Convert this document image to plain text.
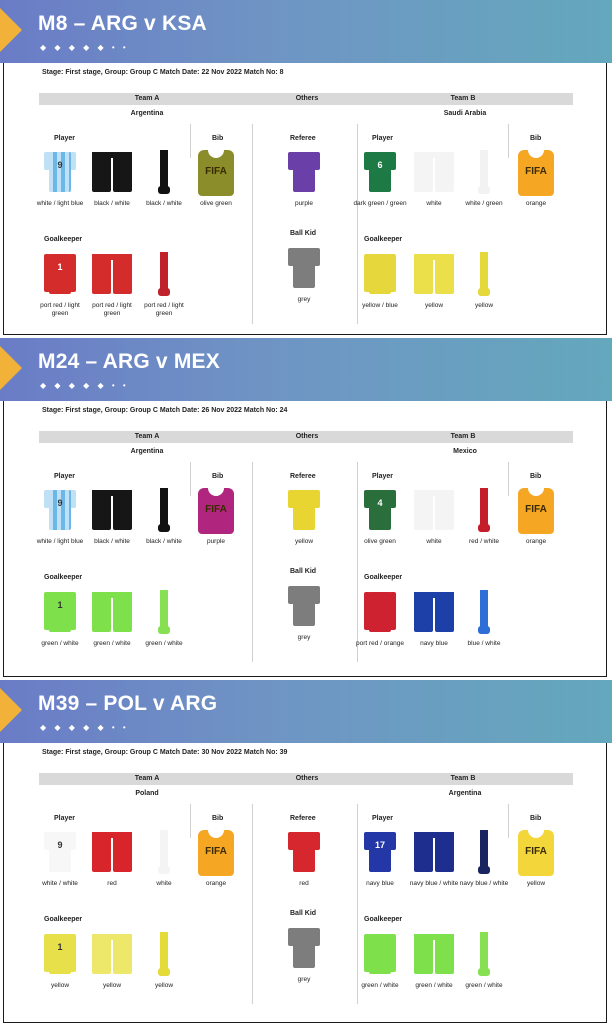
M8 – ARG v KSA
◆ ◆ ◆ ◆ ◆ • •
Stage: First stage, Group: Group C Match Date: 22 Nov 2022 Match No: 8
Team A	Others	Team B
Argentina	Saudi Arabia
Player	Bib
Goalkeeper
Referee
Ball Kid
Player	Bib
Goalkeeper
9
white / light blue	black / white	black / white
FIFA
olive green
1
port red / light green
port red / light green
port red / light green
purple
grey
6
dark green / green	white	white / green
FIFA
orange
yellow / blue	yellow	yellow
M24 – ARG v MEX
◆ ◆ ◆ ◆ ◆ • •
Stage: First stage, Group: Group C Match Date: 26 Nov 2022 Match No: 24
Team A	Others	Team B
Argentina	Mexico
Player	Bib
Goalkeeper
Referee
Ball Kid
Player	Bib
Goalkeeper
9
white / light blue	black / white	black / white
FIFA
purple
1
green / white	green / white	green / white
yellow
grey
4
olive green	white	red / white
FIFA
orange
port red / orange	navy blue	blue / white
M39 – POL v ARG
◆ ◆ ◆ ◆ ◆ • •
Stage: First stage, Group: Group C Match Date: 30 Nov 2022 Match No: 39
Team A	Others	Team B
Poland	Argentina
Player	Bib
Goalkeeper
Referee
Ball Kid
Player	Bib
Goalkeeper
9
white / white	red	white
FIFA
orange
1
yellow	yellow	yellow
red
grey
17
navy blue	navy blue / white navy blue / white
FIFA
yellow
green / white	green / white	green / white
